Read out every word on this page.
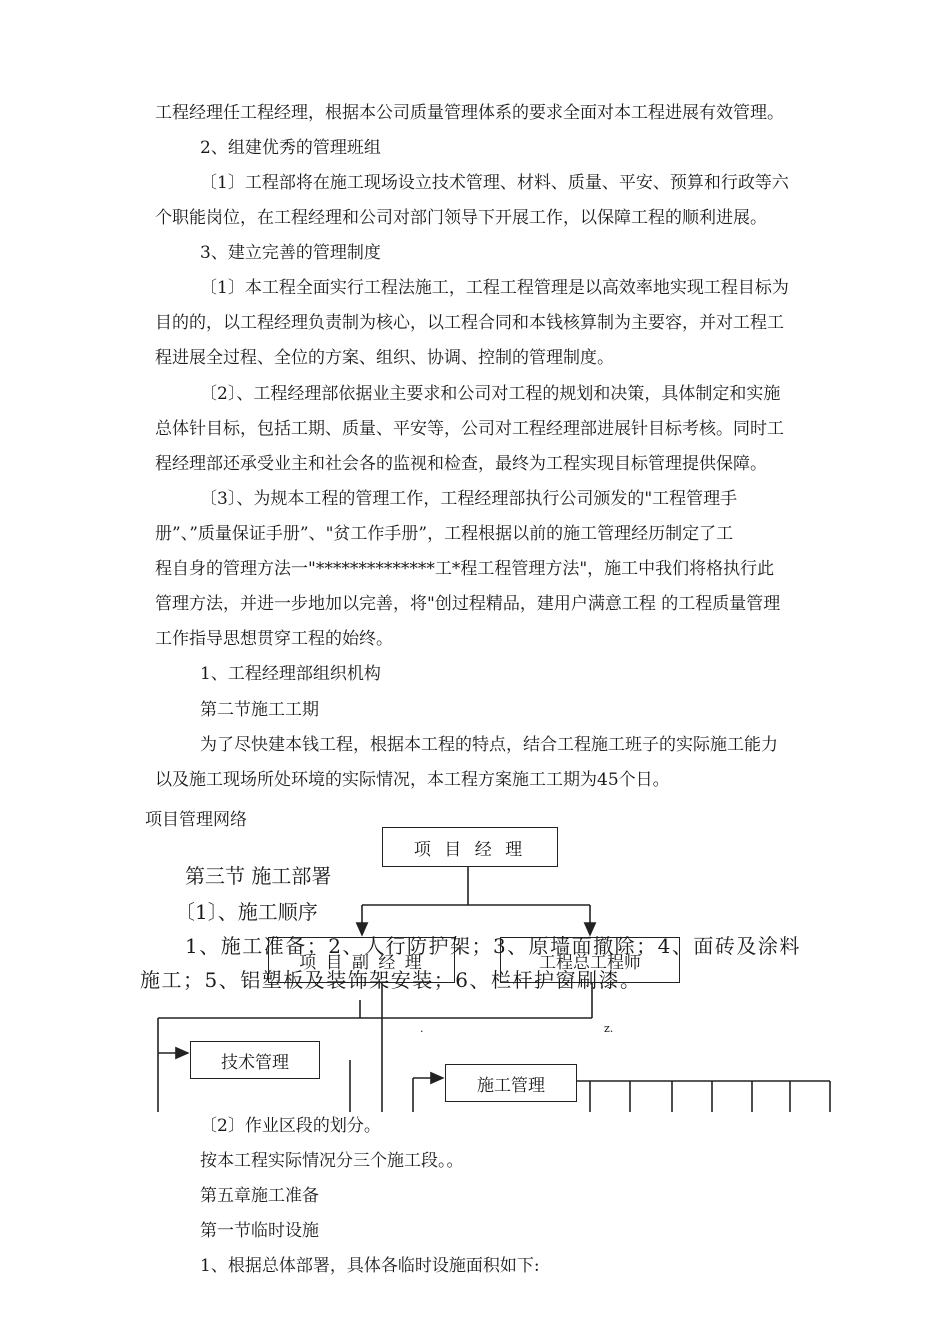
工程经理任工程经理，根据本公司质量管理体系的要求全面对本工程进展有效管理。
2、组建优秀的管理班组
〔1〕工程部将在施工现场设立技术管理、材料、质量、平安、预算和行政等六
个职能岗位，在工程经理和公司对部门领导下开展工作，以保障工程的顺利进展。
3、建立完善的管理制度
〔1〕本工程全面实行工程法施工，工程工程管理是以高效率地实现工程目标为
目的的，以工程经理负责制为核心，以工程合同和本钱核算制为主要容，并对工程工
程进展全过程、全位的方案、组织、协调、控制的管理制度。
〔2〕、工程经理部依据业主要求和公司对工程的规划和决策，具体制定和实施
总体针目标，包括工期、质量、平安等，公司对工程经理部进展针目标考核。同时工
程经理部还承受业主和社会各的监视和检查，最终为工程实现目标管理提供保障。
〔3〕、为规本工程的管理工作，工程经理部执行公司颁发的"工程管理手
册”、”质量保证手册”、"贫工作手册”，工程根据以前的施工管理经历制定了工
程自身的管理方法一"**************工*程工程管理方法"，施工中我们将格执行此
管理方法，并进一步地加以完善，将"创过程精品，建用户满意工程 的工程质量管理
工作指导思想贯穿工程的始终。
1、工程经理部组织机构
第二节施工工期
为了尽快建本钱工程，根据本工程的特点，结合工程施工班子的实际施工能力
以及施工现场所处环境的实际情况，本工程方案施工工期为45个日。
项目管理网络
项 目 经 理
项 目 副 经 理	工程总工程师
技术管理
施工管理
.	z.
第三节 施工部署
〔1〕、施工顺序
1、施工准备；2、人行防护架；3、原墙面撤除；4、面砖及涂料
施工；5、铝塑板及装饰架安装；6、栏杆护窗刷漆。
〔2〕作业区段的划分。
按本工程实际情况分三个施工段。。
第五章施工准备
第一节临时设施
1、根据总体部署，具体各临时设施面积如下:
